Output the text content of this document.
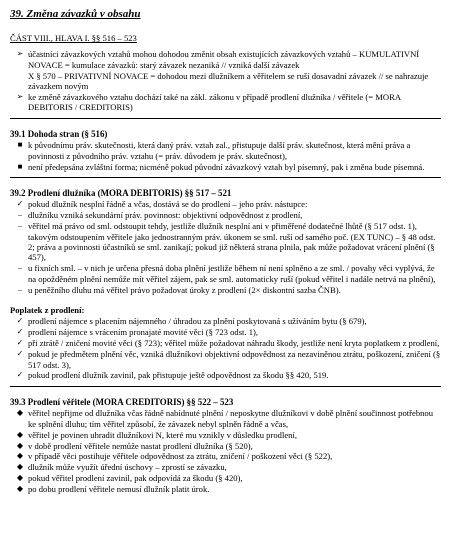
39. Změna závazků v obsahu
ČÁST VIII., HLAVA I. §§ 516 – 523
➢ účastníci závazkových vztahů mohou dohodou změnit obsah existujících závazkových vztahů – KUMULATIVNÍ NOVACE = kumulace závazků: starý závazek nezaniká // vzniká další závazek
X § 570 – PRIVATIVNÍ NOVACE = dohodou mezi dlužníkem a věřitelem se ruší dosavadní závazek // se nahrazuje závazkem novým
➢ ke změně závazkového vztahu dochází také na zákl. zákonu v případě prodlení dlužníka / věřitele (= MORA DEBITORIS / CREDITORIS)
39.1 Dohoda stran (§ 516)
■ k původnímu práv. skutečnosti, která daný práv. vztah zal., přistupuje další práv. skutečnost, která mění práva a povinnosti z původního práv. vztahu (= práv. důvodem je práv. skutečnost),
■ není předepsána zvláštní forma; nicméně pokud původní závazkový vztah byl písemný, pak i změna bude písemná.
39.2 Prodlení dlužníka (MORA DEBITORIS) §§ 517 – 521
✓ pokud dlužník nesplní řádně a včas, dostává se do prodlení – jeho práv. nástupce:
– dlužníku vzniká sekundární práv. povinnost: objektivní odpovědnost z prodlení,
– věřitel má právo od sml. odstoupit tehdy, jestliže dlužník nesplní ani v přiměřené dodatečné lhůtě (§ 517 odst. 1), takovým odstoupením věřitele jako jednostranným práv. úkonem se sml. ruší od samého poč. (EX TUNC) – § 48 odst. 2; práva a povinnosti účastníků se sml. zanikají; pokud již některá strana plnila, pak může požadovat vrácení plnění (§ 457),
– u fixních sml. – v nich je určena přesná doba plnění jestliže během ní není splněno a ze sml. / povahy věci vyplývá, že na opožděném plnění nemůže mít věřitel zájem, pak se sml. automaticky ruší (pokud věřitel i nadále netrvá na plnění),
– u peněžního dluhu má věřitel právo požadovat úroky z prodlení (2× diskontní sazba ČNB).
Poplatek z prodlení:
✓ prodlení nájemce s placením nájemného / úhradou za plnění poskytovaná s užíváním bytu (§ 679),
✓ prodlení nájemce s vrácením pronajaté movité věci (§ 723 odst. 1),
✓ při ztrátě / zničení movité věci (§ 723); věřitel může požadovat náhradu škody, jestliže není kryta poplatkem z prodlení,
✓ pokud je předmětem plnění věc, vzniká dlužníkovi objektivní odpovědnost za nezaviněnou ztrátu, poškození, zničení (§ 517 odst. 3),
✓ pokud prodlení dlužník zavinil, pak přistupuje ještě odpovědnost za škodu §§ 420, 519.
39.3 Prodlení věřitele (MORA CREDITORIS) §§ 522 – 523
◆ věřitel nepřijme od dlužníka včas řádně nabídnuté plnění / neposkytne dlužníkovi v době plnění součinnost potřebnou ke splnění dluhu; tím věřitel způsobí, že závazek nebyl splněn řádně a včas,
◆ věřitel je povinen uhradit dlužníkovi N, které mu vznikly v důsledku prodlení,
◆ v době prodlení věřitele nemůže nastat prodlení dlužníka (§ 520),
◆ v případě věci postihuje věřitele odpovědnost za ztrátu, zničení / poškození věci (§ 522),
◆ dlužník může využít úřední úschovy – zprostí se závazku,
◆ pokud věřitel prodlení zavinil, pak odpovídá za škodu (§ 420),
◆ po dobu prodlení věřitele nemusí dlužník platit úrok.
